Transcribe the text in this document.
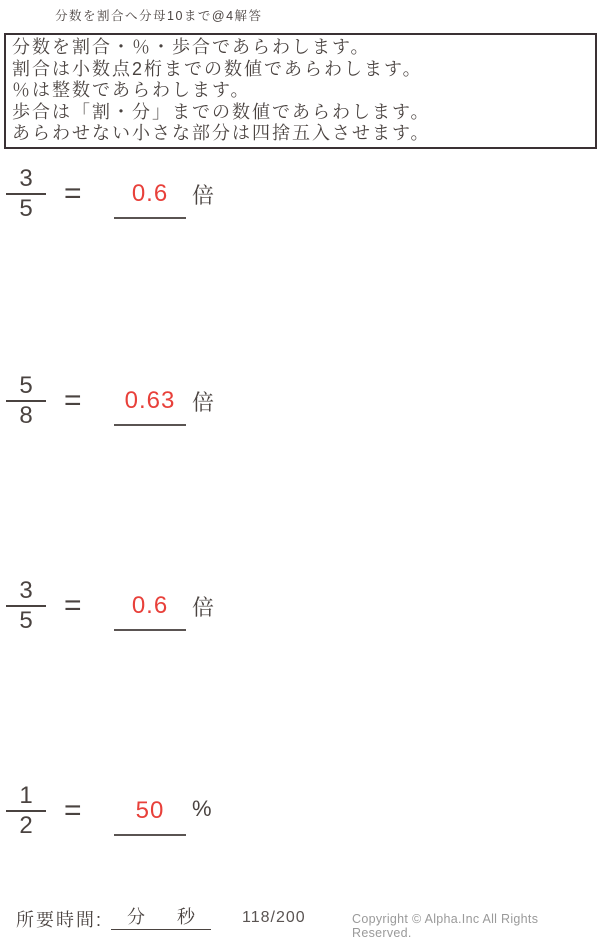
分数を割合へ分母10まで@4解答
分数を割合・％・歩合であらわします。
割合は小数点2桁までの数値であらわします。
％は整数であらわします。
歩合は「割・分」までの数値であらわします。
あらわせない小さな部分は四捨五入させます。
3
5	=	0.6	倍
5
8	=	0.63 倍
3
5	=	0.6	倍
1
2	=	50	%
所要時間: 分 秒	118/200	Copyright © Alpha.Inc All Rights Reserved.
